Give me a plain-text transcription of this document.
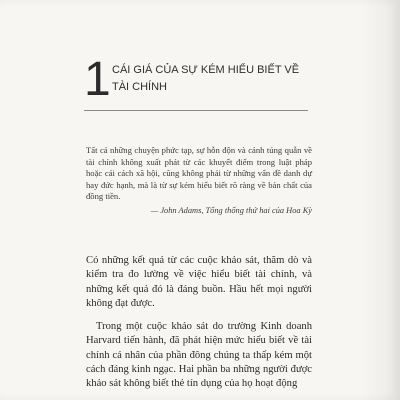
1 CÁI GIÁ CỦA SỰ KÉM HIỂU BIẾT VỀ TÀI CHÍNH
Tất cả những chuyện phức tạp, sự hỗn độn và cảnh túng quẫn về tài chính không xuất phát từ các khuyết điểm trong luật pháp hoặc cải cách xã hội, cũng không phải từ những vấn đề danh dự hay đức hạnh, mà là từ sự kém hiểu biết rõ ràng về bản chất của đồng tiền.
— John Adams, Tổng thống thứ hai của Hoa Kỳ
Có những kết quả từ các cuộc khảo sát, thăm dò và kiểm tra đo lường về việc hiểu biết tài chính, và những kết quả đó là đáng buồn. Hầu hết mọi người không đạt được.
Trong một cuộc khảo sát do trường Kinh doanh Harvard tiến hành, đã phát hiện mức hiểu biết về tài chính cá nhân của phần đông chúng ta thấp kém một cách đáng kinh ngạc. Hai phần ba những người được khảo sát không biết thẻ tín dụng của họ hoạt động
